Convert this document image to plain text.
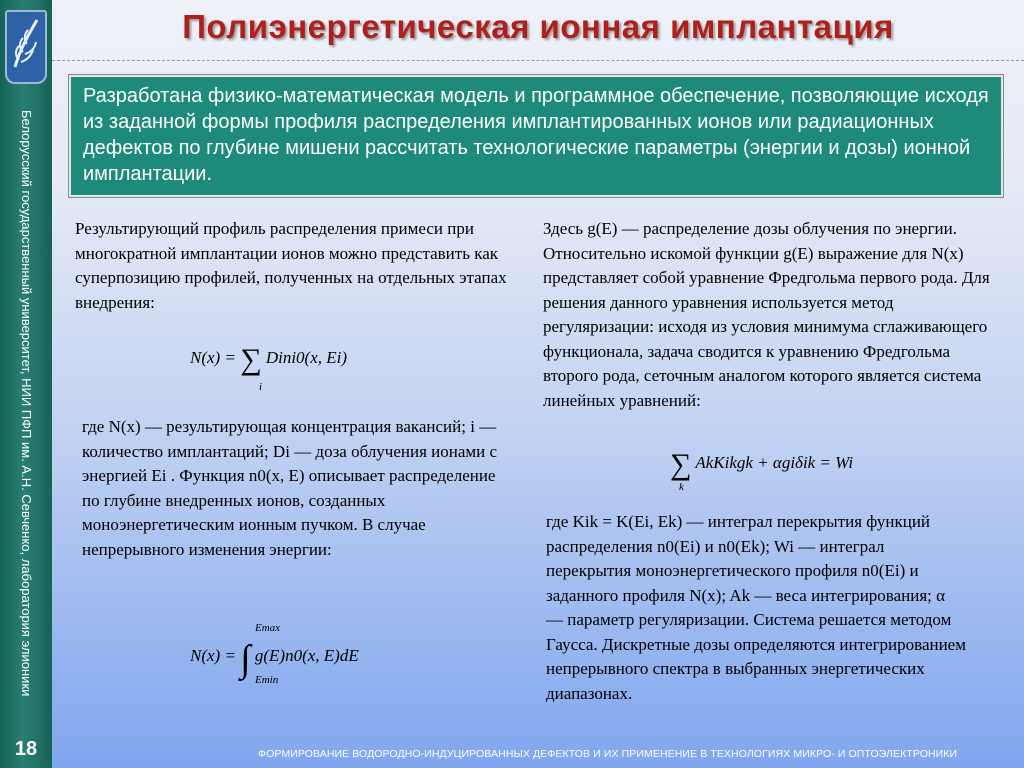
Белорусский государственный университет, НИИ ПФП им. А.Н. Севченко, лаборатория элионики
18
Полиэнергетическая ионная имплантация
Разработана физико-математическая модель и программное обеспечение, позволяющие исходя из заданной формы профиля распределения имплантированных ионов или радиационных дефектов по глубине мишени рассчитать технологические параметры (энергии и дозы) ионной имплантации.

Результирующий профиль распределения примеси при многократной имплантации ионов можно представить как суперпозицию профилей, полученных на отдельных этапах внедрения:

N(x) = ∑ Dini0(x, Ei)
i

где N(x) — результирующая концентрация вакансий; i — количество имплантаций; Di — доза облучения ионами с энергией Ei . Функция n0(x, E) описывает распределение по глубине внедренных ионов, созданных моноэнергетическим ионным пучком. В случае непрерывного изменения энергии:

Emax
N(x) = ∫ g(E)n0(x, E)dE
Emin

Здесь g(E) — распределение дозы облучения по энергии. Относительно искомой функции g(E) выражение для N(x) представляет собой уравнение Фредгольма первого рода. Для решения данного уравнения используется метод регуляризации: исходя из условия минимума сглаживающего функционала, задача сводится к уравнению Фредгольма второго рода, сеточным аналогом которого является система линейных уравнений:

∑ AkKikgk + αgiδik = Wi
k

где Kik = K(Ei, Ek) — интеграл перекрытия функций распределения n0(Ei) и n0(Ek); Wi — интеграл перекрытия моноэнергетического профиля n0(Ei) и заданного профиля N(x); Ak — веса интегрирования; α — параметр регуляризации. Система решается методом Гаусса. Дискретные дозы определяются интегрированием непрерывного спектра в выбранных энергетических диапазонах.

ФОРМИРОВАНИЕ ВОДОРОДНО-ИНДУЦИРОВАННЫХ ДЕФЕКТОВ И ИХ ПРИМЕНЕНИЕ В ТЕХНОЛОГИЯХ МИКРО- И ОПТОЭЛЕКТРОНИКИ
